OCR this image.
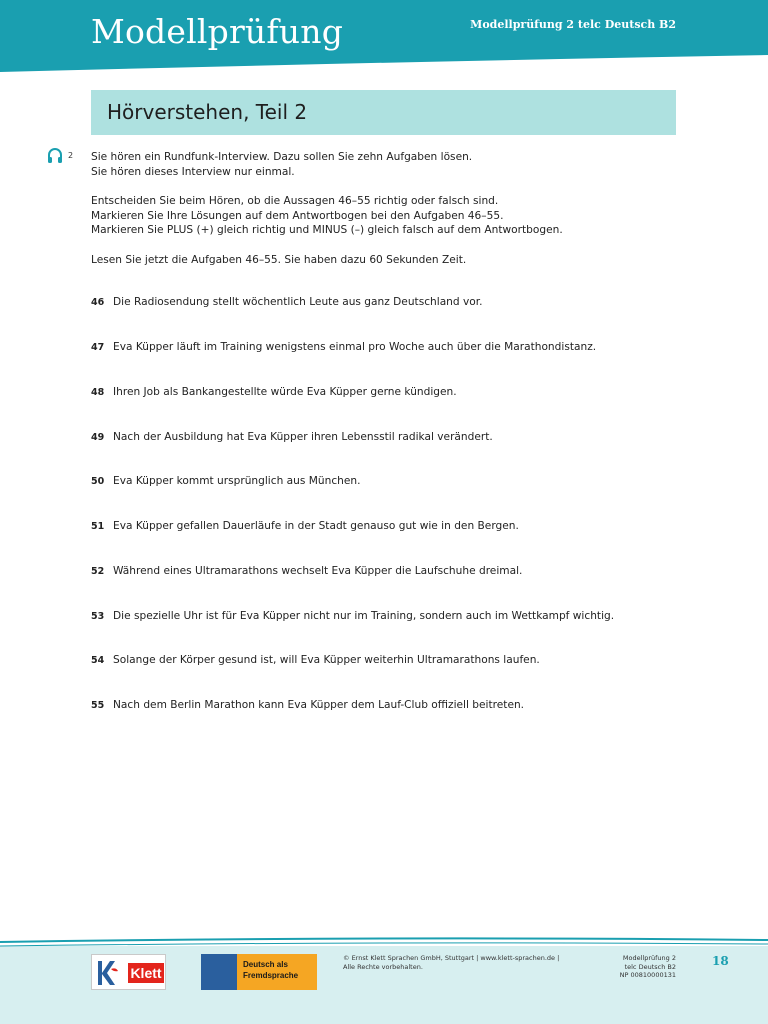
Modellprüfung	Modellprüfung 2 telc Deutsch B2
Hörverstehen, Teil 2
2 Sie hören ein Rundfunk-Interview. Dazu sollen Sie zehn Aufgaben lösen.

Sie hören dieses Interview nur einmal.

Entscheiden Sie beim Hören, ob die Aussagen 46–55 richtig oder falsch sind.

Markieren Sie Ihre Lösungen auf dem Antwortbogen bei den Aufgaben 46–55.

Markieren Sie PLUS (+) gleich richtig und MINUS (–) gleich falsch auf dem Antwortbogen.

Lesen Sie jetzt die Aufgaben 46–55. Sie haben dazu 60 Sekunden Zeit.

46 Die Radiosendung stellt wöchentlich Leute aus ganz Deutschland vor.
47 Eva Küpper läuft im Training wenigstens einmal pro Woche auch über die Marathondistanz.
48 Ihren Job als Bankangestellte würde Eva Küpper gerne kündigen.
49 Nach der Ausbildung hat Eva Küpper ihren Lebensstil radikal verändert.
50 Eva Küpper kommt ursprünglich aus München.
51 Eva Küpper gefallen Dauerläufe in der Stadt genauso gut wie in den Bergen.
52 Während eines Ultramarathons wechselt Eva Küpper die Laufschuhe dreimal.
53 Die spezielle Uhr ist für Eva Küpper nicht nur im Training, sondern auch im Wettkampf wichtig.
54 Solange der Körper gesund ist, will Eva Küpper weiterhin Ultramarathons laufen.
55 Nach dem Berlin Marathon kann Eva Küpper dem Lauf-Club offiziell beitreten.
Klett
Deutsch als
Fremdsprache

© Ernst Klett Sprachen GmbH, Stuttgart | www.klett-sprachen.de |

Alle Rechte vorbehalten.

Modellprüfung 2

telc Deutsch B2

NP 00810000131

18
